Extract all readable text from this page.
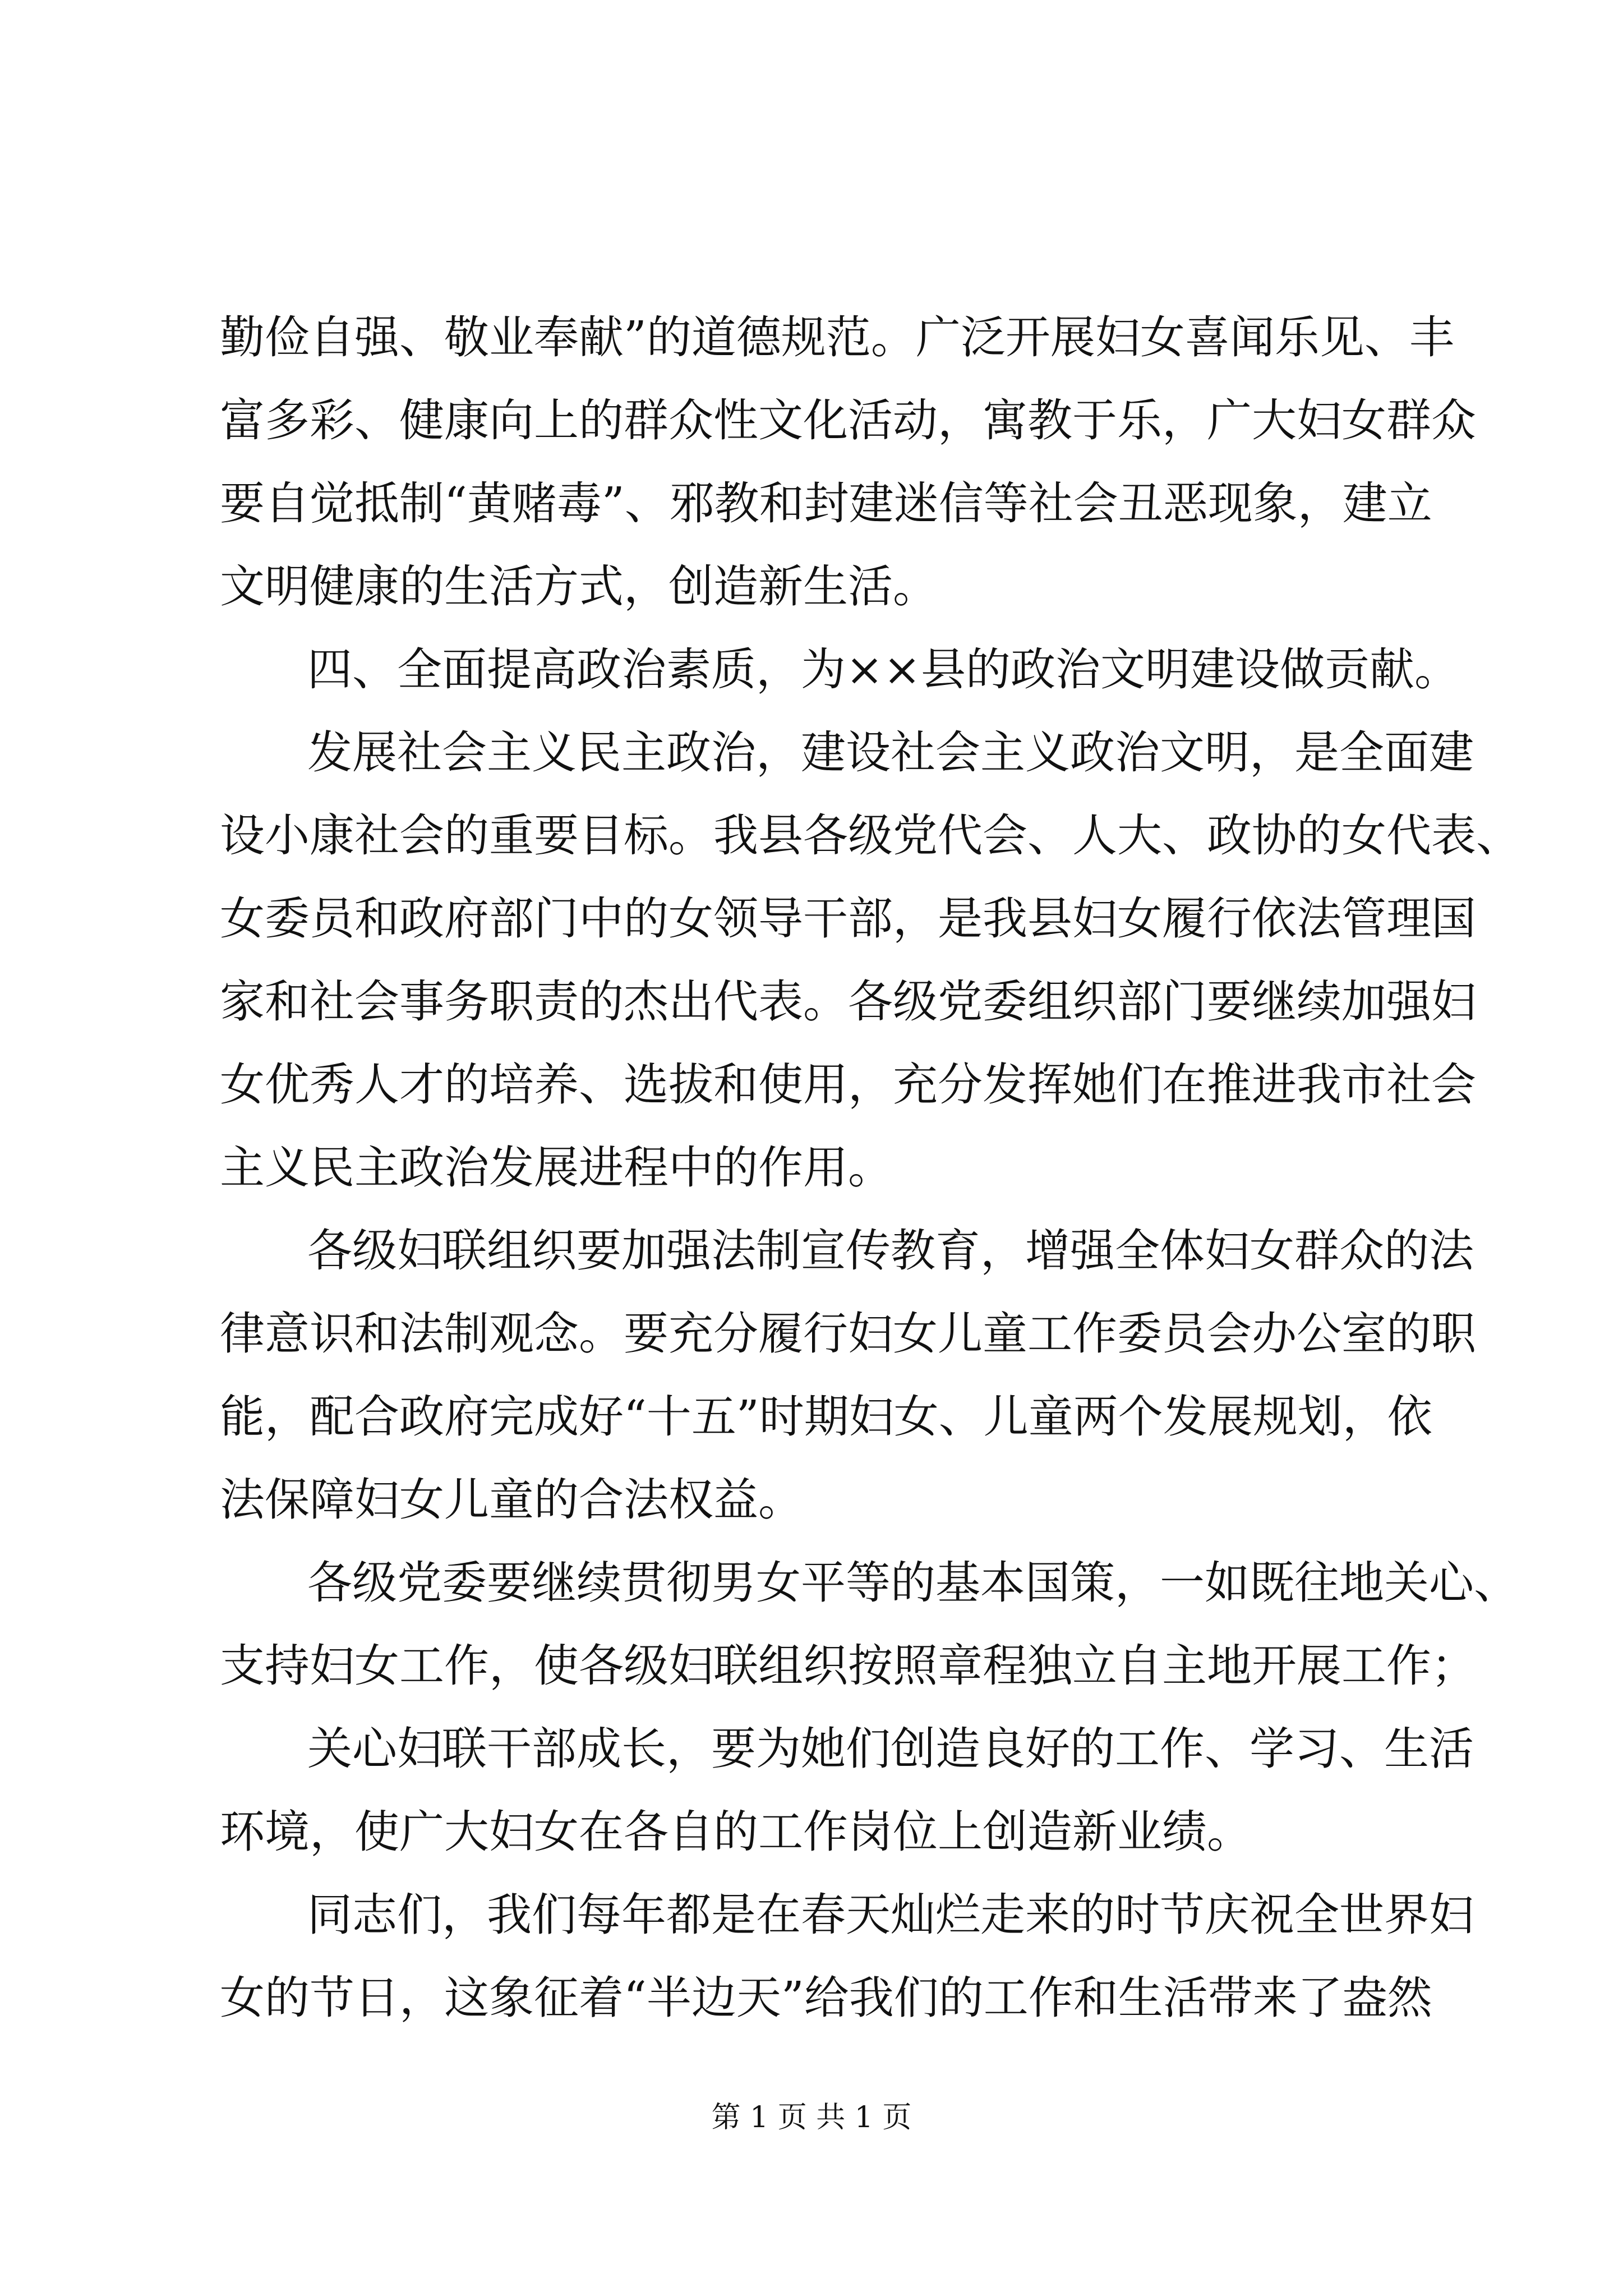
勤俭自强、敬业奉献”的道德规范。广泛开展妇女喜闻乐见、丰
富多彩、健康向上的群众性文化活动，寓教于乐，广大妇女群众
要自觉抵制“黄赌毒”、邪教和封建迷信等社会丑恶现象，建立
文明健康的生活方式，创造新生活。
四、全面提高政治素质，为××县的政治文明建设做贡献。
发展社会主义民主政治，建设社会主义政治文明，是全面建
设小康社会的重要目标。我县各级党代会、人大、政协的女代表、
女委员和政府部门中的女领导干部，是我县妇女履行依法管理国
家和社会事务职责的杰出代表。各级党委组织部门要继续加强妇
女优秀人才的培养、选拔和使用，充分发挥她们在推进我市社会
主义民主政治发展进程中的作用。
各级妇联组织要加强法制宣传教育，增强全体妇女群众的法
律意识和法制观念。要充分履行妇女儿童工作委员会办公室的职
能，配合政府完成好“十五”时期妇女、儿童两个发展规划，依
法保障妇女儿童的合法权益。
各级党委要继续贯彻男女平等的基本国策，一如既往地关心、
支持妇女工作，使各级妇联组织按照章程独立自主地开展工作；
关心妇联干部成长，要为她们创造良好的工作、学习、生活
环境，使广大妇女在各自的工作岗位上创造新业绩。
同志们，我们每年都是在春天灿烂走来的时节庆祝全世界妇
女的节日，这象征着“半边天”给我们的工作和生活带来了盎然
第 1 页 共 1 页
